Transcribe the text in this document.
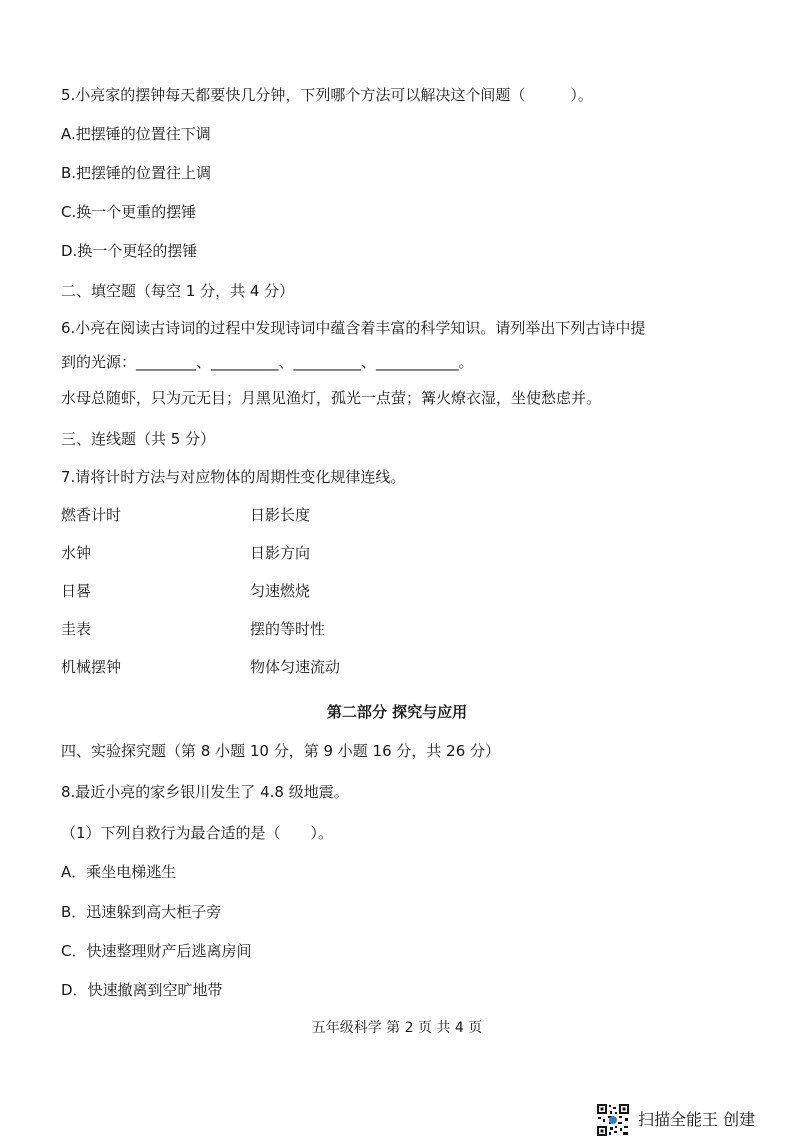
5.小亮家的摆钟每天都要快几分钟，下列哪个方法可以解决这个间题（　　　）。
A.把摆锤的位置往下调
B.把摆锤的位置往上调
C.换一个更重的摆锤
D.换一个更轻的摆锤
二、填空题（每空 1 分，共 4 分）
6.小亮在阅读古诗词的过程中发现诗词中蕴含着丰富的科学知识。请列举出下列古诗中提
到的光源：________、_________、_________、___________。
水母总随虾，只为元无目；月黑见渔灯，孤光一点萤；篝火燎衣湿，坐使愁虑并。
三、连线题（共 5 分）
7.请将计时方法与对应物体的周期性变化规律连线。
燃香计时
水钟
日晷
圭表
机械摆钟
日影长度
日影方向
匀速燃烧
摆的等时性
物体匀速流动
第二部分 探究与应用
四、实验探究题（第 8 小题 10 分，第 9 小题 16 分，共 26 分）
8.最近小亮的家乡银川发生了 4.8 级地震。
（1）下列自救行为最合适的是（　　）。
A．乘坐电梯逃生
B．迅速躲到高大柜子旁
C．快速整理财产后逃离房间
D．快速撤离到空旷地带
五年级科学 第 2 页 共 4 页
扫描全能王 创建
